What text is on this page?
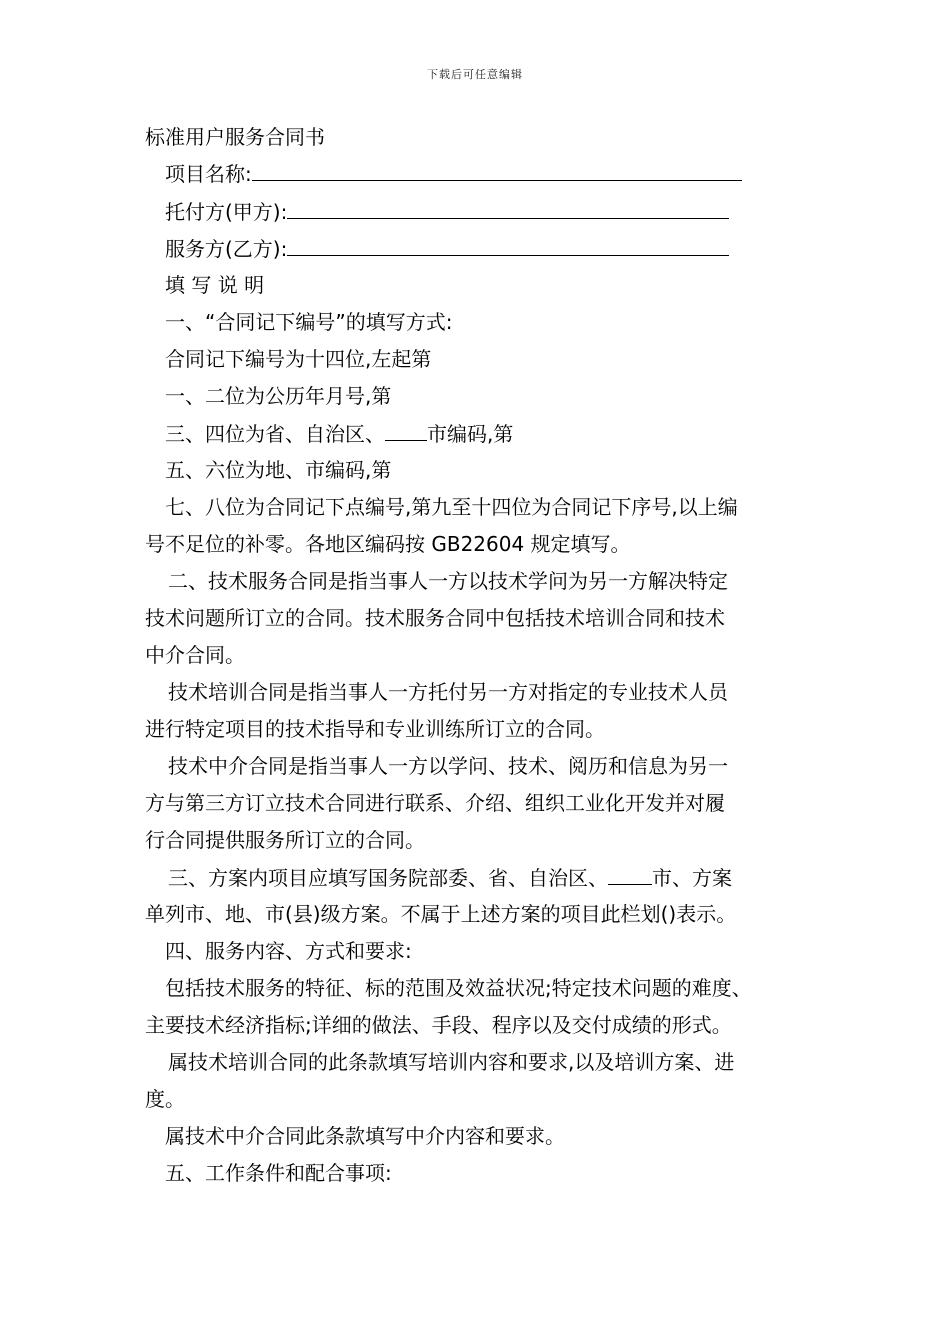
下载后可任意编辑
标准用户服务合同书
项目名称:
托付方(甲方):
服务方(乙方):
填 写 说 明
一、“合同记下编号”的填写方式:
合同记下编号为十四位,左起第
一、二位为公历年月号,第
三、四位为省、自治区、 市编码,第
五、六位为地、市编码,第
七、八位为合同记下点编号,第九至十四位为合同记下序号,以上编
号不足位的补零。各地区编码按 GB22604 规定填写。
二、技术服务合同是指当事人一方以技术学问为另一方解决特定
技术问题所订立的合同。技术服务合同中包括技术培训合同和技术
中介合同。
技术培训合同是指当事人一方托付另一方对指定的专业技术人员
进行特定项目的技术指导和专业训练所订立的合同。
技术中介合同是指当事人一方以学问、技术、阅历和信息为另一
方与第三方订立技术合同进行联系、介绍、组织工业化开发并对履
行合同提供服务所订立的合同。
三、方案内项目应填写国务院部委、省、自治区、 市、方案
单列市、地、市(县)级方案。不属于上述方案的项目此栏划()表示。
四、服务内容、方式和要求:
包括技术服务的特征、标的范围及效益状况;特定技术问题的难度、
主要技术经济指标;详细的做法、手段、程序以及交付成绩的形式。
属技术培训合同的此条款填写培训内容和要求,以及培训方案、进
度。
属技术中介合同此条款填写中介内容和要求。
五、工作条件和配合事项:
